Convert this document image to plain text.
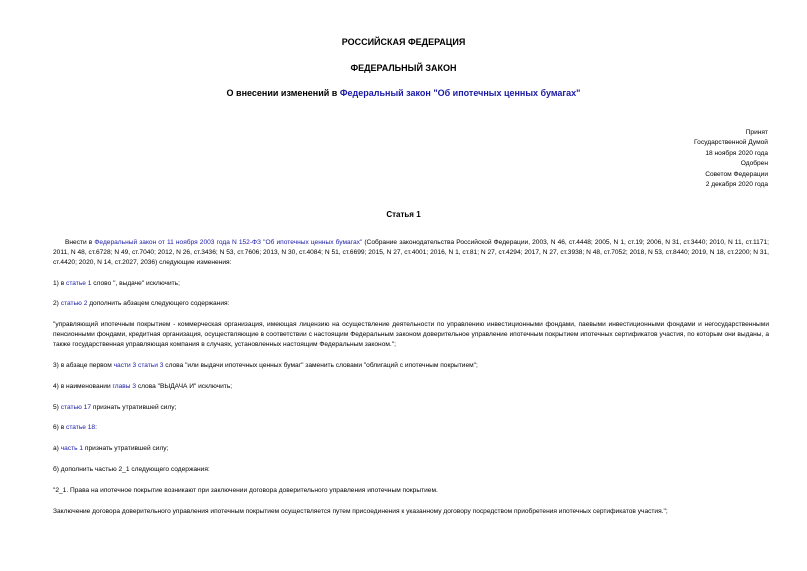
РОССИЙСКАЯ ФЕДЕРАЦИЯ
ФЕДЕРАЛЬНЫЙ ЗАКОН
О внесении изменений в Федеральный закон "Об ипотечных ценных бумагах"
Принят
Государственной Думой
18 ноября 2020 года
Одобрен
Советом Федерации
2 декабря 2020 года
Статья 1

Внести в Федеральный закон от 11 ноября 2003 года N 152-ФЗ "Об ипотечных ценных бумагах" (Собрание законодательства Российской Федерации, 2003, N 46, ст.4448; 2005, N 1, ст.19; 2006, N 31, ст.3440; 2010, N 11, ст.1171; 2011, N 48, ст.6728; N 49, ст.7040; 2012, N 26, ст.3436; N 53, ст.7606; 2013, N 30, ст.4084; N 51, ст.6699; 2015, N 27, ст.4001; 2016, N 1, ст.81; N 27, ст.4294; 2017, N 27, ст.3938; N 48, ст.7052; 2018, N 53, ст.8440; 2019, N 18, ст.2200; N 31, ст.4420; 2020, N 14, ст.2027, 2036) следующие изменения:

1) в статье 1 слово ", выдаче" исключить;
2) статью 2 дополнить абзацем следующего содержания:

"управляющий ипотечным покрытием - коммерческая организация, имеющая лицензию на осуществление деятельности по управлению инвестиционными фондами, паевыми инвестиционными фондами и негосударственными пенсионными фондами, кредитная организация, осуществляющие в соответствии с настоящим Федеральным законом доверительное управление ипотечным покрытием ипотечных сертификатов участия, по которым они выданы, а также государственная управляющая компания в случаях, установленных настоящим Федеральным законом.";

3) в абзаце первом части 3 статьи 3 слова "или выдачи ипотечных ценных бумаг" заменить словами "облигаций с ипотечным покрытием";
4) в наименовании главы 3 слова "ВЫДАЧА И" исключить;
5) статью 17 признать утратившей силу;
6) в статье 18:
а) часть 1 признать утратившей силу;
б) дополнить частью 2_1 следующего содержания:
"2_1. Права на ипотечное покрытие возникают при заключении договора доверительного управления ипотечным покрытием.
Заключение договора доверительного управления ипотечным покрытием осуществляется путем присоединения к указанному договору посредством приобретения ипотечных сертификатов участия.";
